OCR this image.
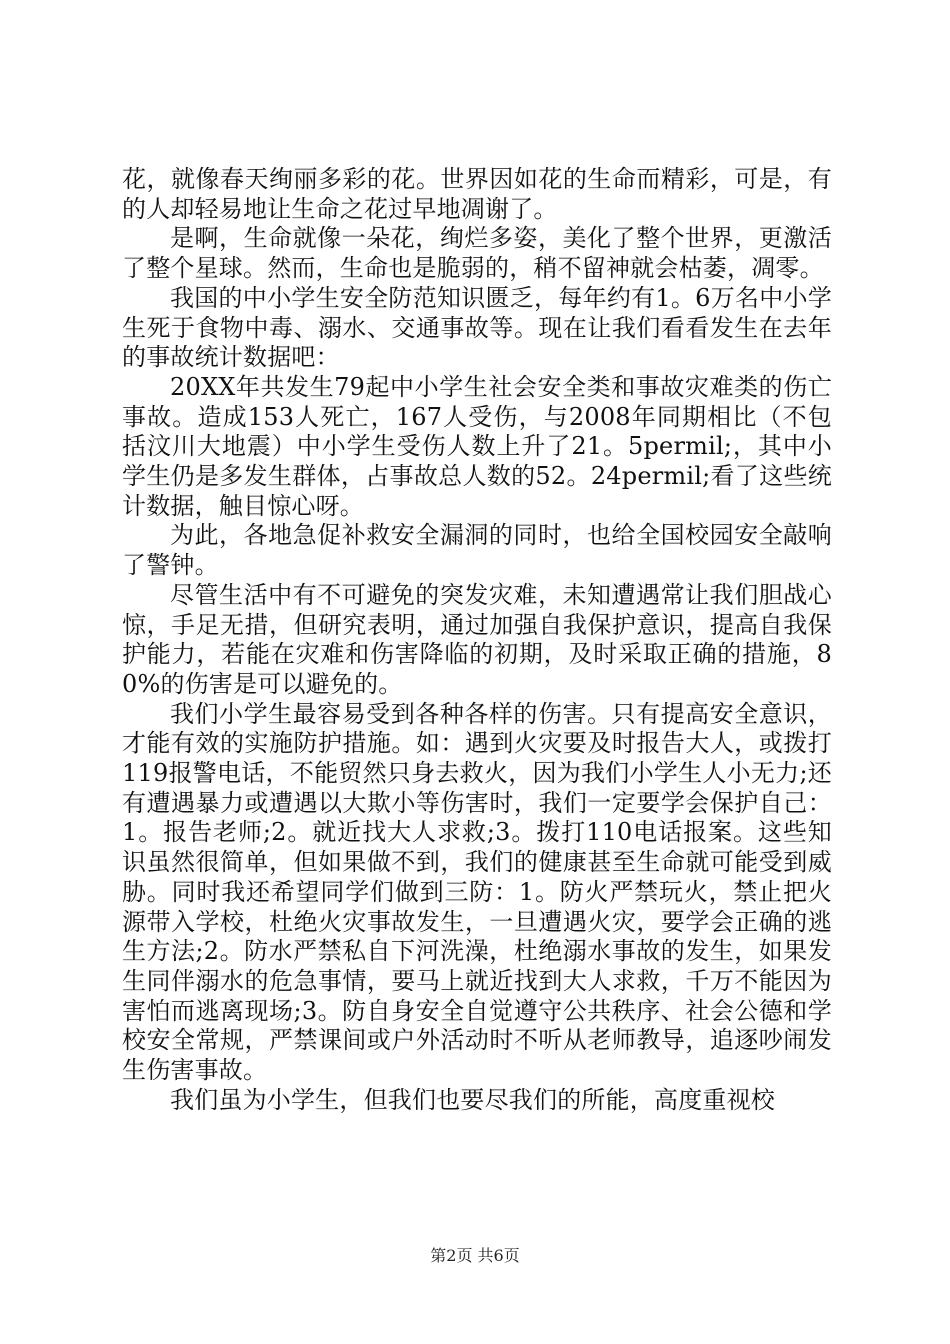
花，就像春天绚丽多彩的花。世界因如花的生命而精彩，可是，有的人却轻易地让生命之花过早地凋谢了。

是啊，生命就像一朵花，绚烂多姿，美化了整个世界，更激活了整个星球。然而，生命也是脆弱的，稍不留神就会枯萎，凋零。

我国的中小学生安全防范知识匮乏，每年约有1。6万名中小学生死于食物中毒、溺水、交通事故等。现在让我们看看发生在去年的事故统计数据吧：

20XX年共发生79起中小学生社会安全类和事故灾难类的伤亡事故。造成153人死亡，167人受伤，与2008年同期相比（不包括汶川大地震）中小学生受伤人数上升了21。5permil;，其中小学生仍是多发生群体，占事故总人数的52。24permil;看了这些统计数据，触目惊心呀。

为此，各地急促补救安全漏洞的同时，也给全国校园安全敲响了警钟。

尽管生活中有不可避免的突发灾难，未知遭遇常让我们胆战心惊，手足无措，但研究表明，通过加强自我保护意识，提高自我保护能力，若能在灾难和伤害降临的初期，及时采取正确的措施，80%的伤害是可以避免的。

我们小学生最容易受到各种各样的伤害。只有提高安全意识，才能有效的实施防护措施。如：遇到火灾要及时报告大人，或拨打119报警电话，不能贸然只身去救火，因为我们小学生人小无力;还有遭遇暴力或遭遇以大欺小等伤害时，我们一定要学会保护自己：1。报告老师;2。就近找大人求救;3。拨打110电话报案。这些知识虽然很简单，但如果做不到，我们的健康甚至生命就可能受到威胁。同时我还希望同学们做到三防：1。防火严禁玩火，禁止把火源带入学校，杜绝火灾事故发生，一旦遭遇火灾，要学会正确的逃生方法;2。防水严禁私自下河洗澡，杜绝溺水事故的发生，如果发生同伴溺水的危急事情，要马上就近找到大人求救，千万不能因为害怕而逃离现场;3。防自身安全自觉遵守公共秩序、社会公德和学校安全常规，严禁课间或户外活动时不听从老师教导，追逐吵闹发生伤害事故。

我们虽为小学生，但我们也要尽我们的所能，高度重视校

第2页 共6页
